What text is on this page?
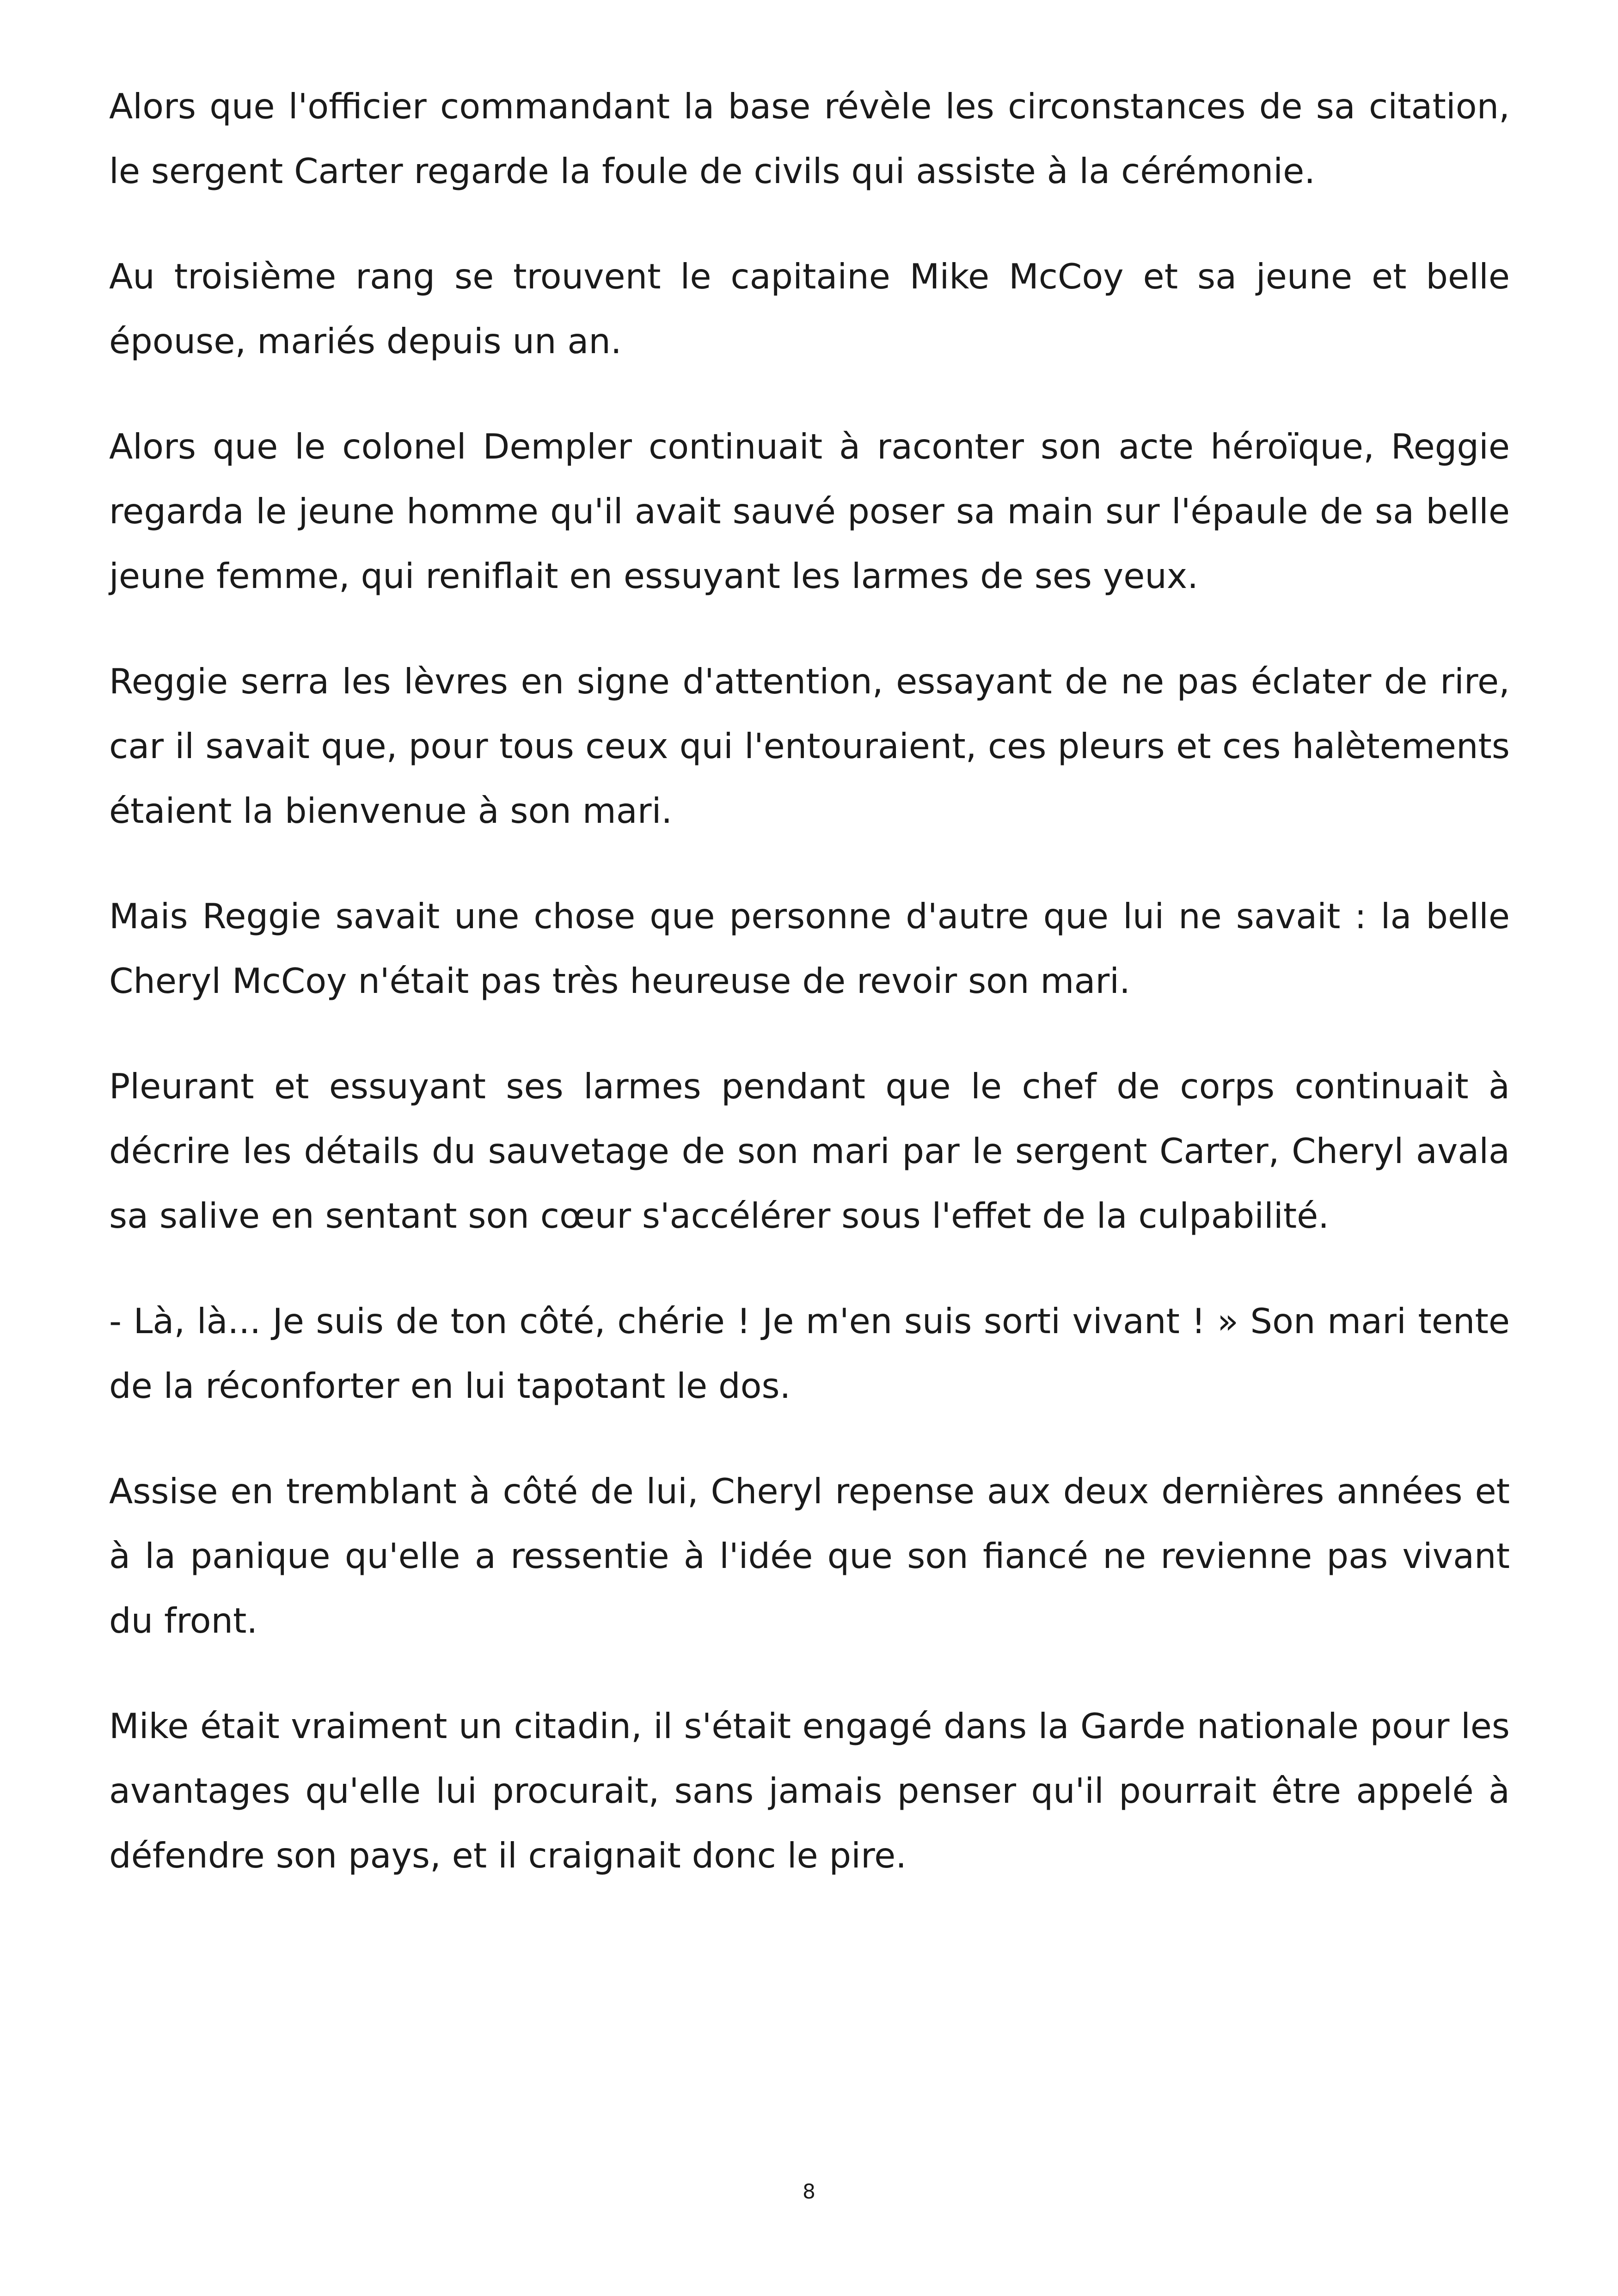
Alors que l'officier commandant la base révèle les circonstances de sa citation, le sergent Carter regarde la foule de civils qui assiste à la cérémonie.

Au troisième rang se trouvent le capitaine Mike McCoy et sa jeune et belle épouse, mariés depuis un an.

Alors que le colonel Dempler continuait à raconter son acte héroïque, Reggie regarda le jeune homme qu'il avait sauvé poser sa main sur l'épaule de sa belle jeune femme, qui reniflait en essuyant les larmes de ses yeux.

Reggie serra les lèvres en signe d'attention, essayant de ne pas éclater de rire, car il savait que, pour tous ceux qui l'entouraient, ces pleurs et ces halètements étaient la bienvenue à son mari.

Mais Reggie savait une chose que personne d'autre que lui ne savait : la belle Cheryl McCoy n'était pas très heureuse de revoir son mari.

Pleurant et essuyant ses larmes pendant que le chef de corps continuait à décrire les détails du sauvetage de son mari par le sergent Carter, Cheryl avala sa salive en sentant son cœur s'accélérer sous l'effet de la culpabilité.

- Là, là... Je suis de ton côté, chérie ! Je m'en suis sorti vivant ! » Son mari tente de la réconforter en lui tapotant le dos.

Assise en tremblant à côté de lui, Cheryl repense aux deux dernières années et à la panique qu'elle a ressentie à l'idée que son fiancé ne revienne pas vivant du front.

Mike était vraiment un citadin, il s'était engagé dans la Garde nationale pour les avantages qu'elle lui procurait, sans jamais penser qu'il pourrait être appelé à défendre son pays, et il craignait donc le pire.

8
